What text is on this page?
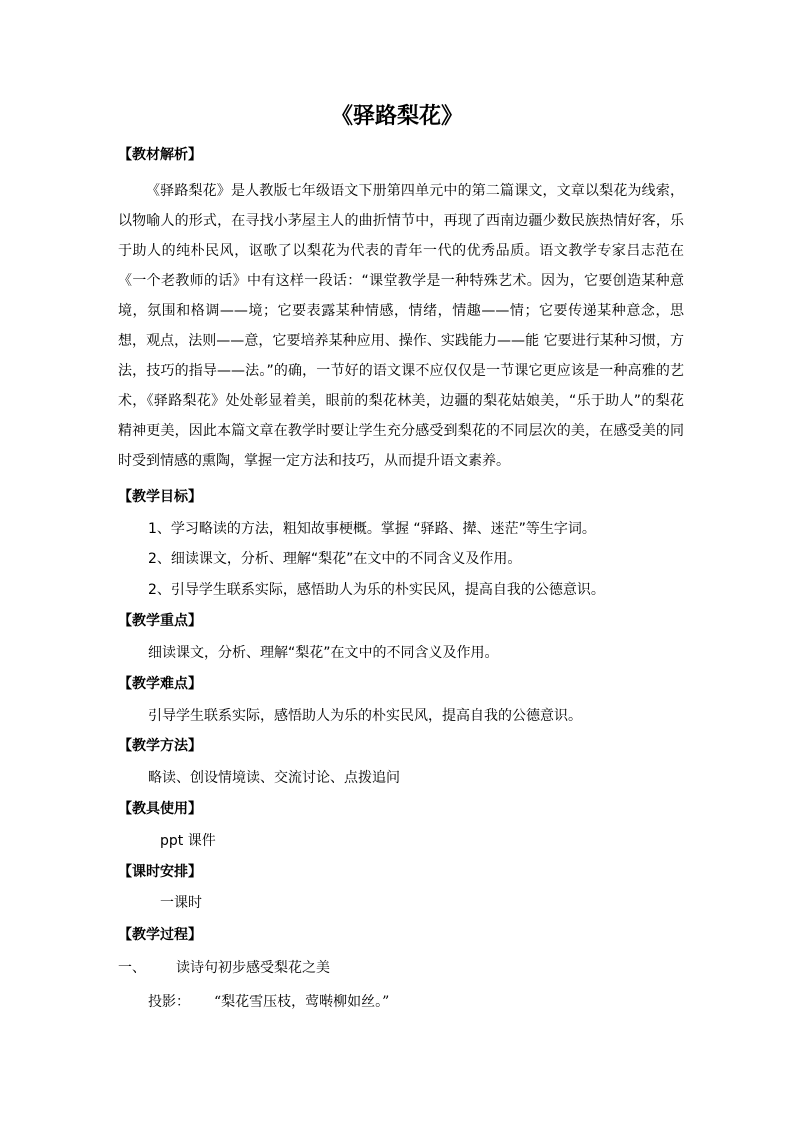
《驿路梨花》
【教材解析】
《驿路梨花》是人教版七年级语文下册第四单元中的第二篇课文，文章以梨花为线索，以物喻人的形式，在寻找小茅屋主人的曲折情节中，再现了西南边疆少数民族热情好客，乐于助人的纯朴民风，讴歌了以梨花为代表的青年一代的优秀品质。语文教学专家吕志范在《一个老教师的话》中有这样一段话：“课堂教学是一种特殊艺术。因为，它要创造某种意境，氛围和格调——境；它要表露某种情感，情绪，情趣——情；它要传递某种意念，思想，观点，法则——意，它要培养某种应用、操作、实践能力——能 它要进行某种习惯，方法，技巧的指导——法。”的确，一节好的语文课不应仅仅是一节课它更应该是一种高雅的艺术，《驿路梨花》处处彰显着美，眼前的梨花林美，边疆的梨花姑娘美，“乐于助人”的梨花精神更美，因此本篇文章在教学时要让学生充分感受到梨花的不同层次的美，在感受美的同时受到情感的熏陶，掌握一定方法和技巧，从而提升语文素养。
【教学目标】
1、学习略读的方法，粗知故事梗概。掌握 “驿路、撵、迷茫”等生字词。
2、细读课文，分析、理解“梨花”在文中的不同含义及作用。
2、引导学生联系实际，感悟助人为乐的朴实民风，提高自我的公德意识。
【教学重点】
细读课文，分析、理解“梨花”在文中的不同含义及作用。
【教学难点】
引导学生联系实际，感悟助人为乐的朴实民风，提高自我的公德意识。
【教学方法】
略读、创设情境读、交流讨论、点拨追问
【教具使用】
ppt 课件
【课时安排】
一课时
【教学过程】
一、 读诗句初步感受梨花之美
投影： “梨花雪压枝，莺啭柳如丝。”
